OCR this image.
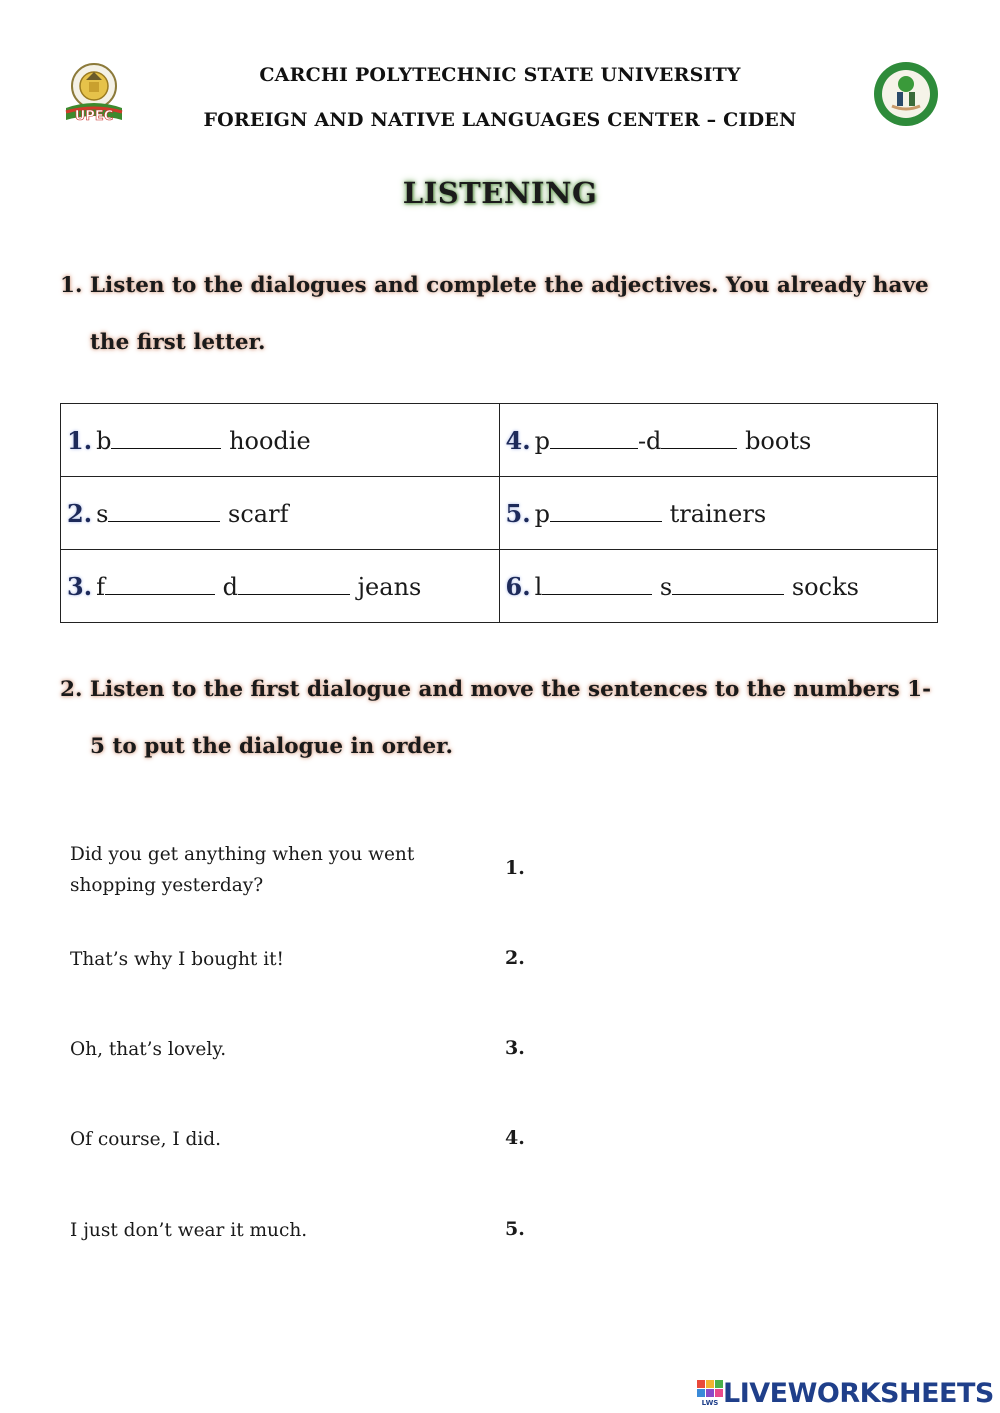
UPEC
CARCHI POLYTECHNIC STATE UNIVERSITY
FOREIGN AND NATIVE LANGUAGES CENTER – CIDEN
LISTENING
1. Listen to the dialogues and complete the adjectives. You already have
the first letter.
1. b hoodie	4. p -d boots
2. s scarf	5. p trainers
3. f d jeans	6. l s socks
2. Listen to the first dialogue and move the sentences to the numbers 1-
5 to put the dialogue in order.
Did you get anything when you went shopping yesterday?
That’s why I bought it!
Oh, that’s lovely.
Of course, I did.
I just don’t wear it much.
1.
2.
3.
4.
5.
LWS LIVEWORKSHEETS
